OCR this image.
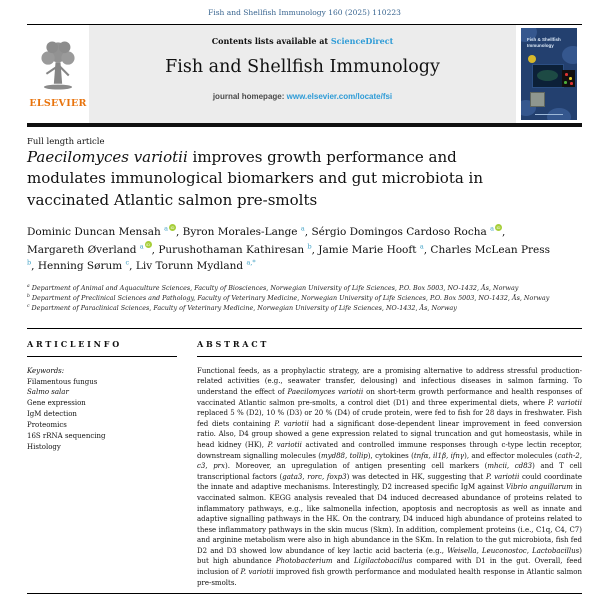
Fish and Shellfish Immunology 160 (2025) 110223
ELSEVIER
Contents lists available at ScienceDirect
Fish and Shellfish Immunology
journal homepage: www.elsevier.com/locate/fsi
Fish & Shellfish
Immunology
Full length article
Paecilomyces variotii improves growth performance and modulates immunological biomarkers and gut microbiota in vaccinated Atlantic salmon pre-smolts
Dominic Duncan Mensah $^a$ iD , Byron Morales-Lange $^a$, Sérgio Domingos Cardoso Rocha $^a$ iD , Margareth Øverland $^a$ iD , Purushothaman Kathiresan $^b$, Jamie Marie Hooft $^a$, Charles McLean Press $^b$, Henning Sørum $^c$, Liv Torunn Mydland $^{a,*}$
$^a$ Department of Animal and Aquaculture Sciences, Faculty of Biosciences, Norwegian University of Life Sciences, P.O. Box 5003, NO-1432, Ås, Norway
$^b$ Department of Preclinical Sciences and Pathology, Faculty of Veterinary Medicine, Norwegian University of Life Sciences, P.O. Box 5003, NO-1432, Ås, Norway
$^c$ Department of Paraclinical Sciences, Faculty of Veterinary Medicine, Norwegian University of Life Sciences, NO-1432, Ås, Norway
A R T I C L E I N F O
Keywords:
Filamentous fungus
Salmo salar
Gene expression
IgM detection
Proteomics
16S rRNA sequencing
Histology
A B S T R A C T
Functional feeds, as a prophylactic strategy, are a promising alternative to address stressful production-related activities (e.g., seawater transfer, delousing) and infectious diseases in salmon farming. To understand the effect of Paecilomyces variotii on short-term growth performance and health responses of vaccinated Atlantic salmon pre-smolts, a control diet (D1) and three experimental diets, where P. variotii replaced 5 % (D2), 10 % (D3) or 20 % (D4) of crude protein, were fed to fish for 28 days in freshwater. Fish fed diets containing P. variotii had a significant dose-dependent linear improvement in feed conversion ratio. Also, D4 group showed a gene expression related to signal truncation and gut homeostasis, while in head kidney (HK), P. variotii activated and controlled immune responses through c-type lectin receptor, downstream signalling molecules (myd88, tollip), cytokines (tnfα, il1β, ifnγ), and effector molecules (cath-2, c3, prx). Moreover, an upregulation of antigen presenting cell markers (mhcii, cd83) and T cell transcriptional factors (gata3, rorc, foxp3) was detected in HK, suggesting that P. variotii could coordinate the innate and adaptive mechanisms. Interestingly, D2 increased specific IgM against Vibrio anguillarum in vaccinated salmon. KEGG analysis revealed that D4 induced decreased abundance of proteins related to inflammatory pathways, e.g., like salmonella infection, apoptosis and necroptosis as well as innate and adaptive signalling pathways in the HK. On the contrary, D4 induced high abundance of proteins related to these inflammatory pathways in the skin mucus (Skm). In addition, complement proteins (i.e., C1q, C4, C7) and arginine metabolism were also in high abundance in the SKm. In relation to the gut microbiota, fish fed D2 and D3 showed low abundance of key lactic acid bacteria (e.g., Weisella, Leuconostoc, Lactobacillus) but high abundance Photobacterium and Ligilactobacillus compared with D1 in the gut. Overall, feed inclusion of P. variotii improved fish growth performance and modulated health response in Atlantic salmon pre-smolts.
